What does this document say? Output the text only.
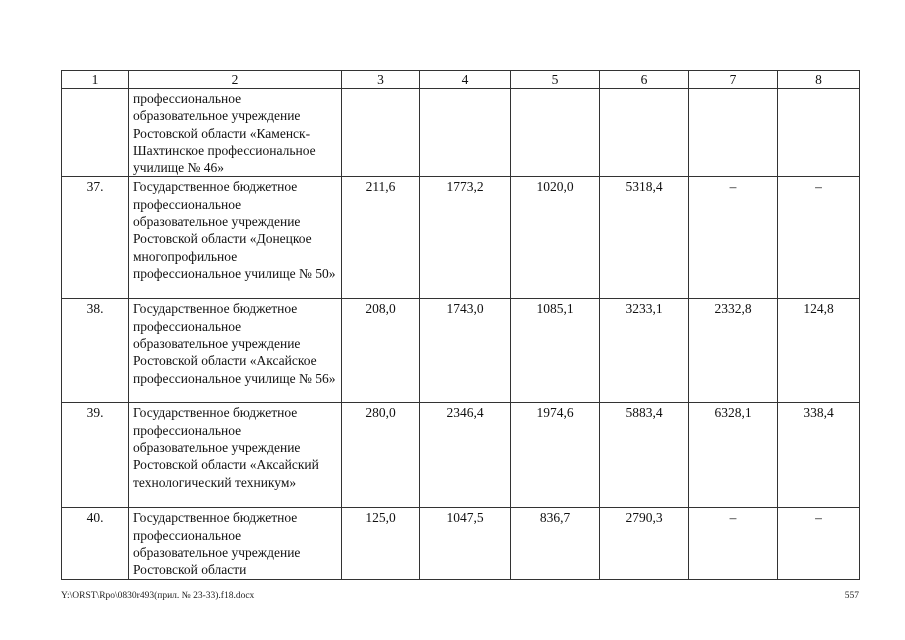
1	2	3	4	5	6	7	8
	профессиональное образовательное учреждение Ростовской области «Каменск-Шахтинское профессиональное училище № 46»						
37.	Государственное бюджетное профессиональное образовательное учреждение Ростовской области «Донецкое многопрофильное профессиональное училище № 50»	211,6	1773,2	1020,0	5318,4	–	–
38.	Государственное бюджетное профессиональное образовательное учреждение Ростовской области «Аксайское профессиональное училище № 56»	208,0	1743,0	1085,1	3233,1	2332,8	124,8
39.	Государственное бюджетное профессиональное образовательное учреждение Ростовской области «Аксайский технологический техникум»	280,0	2346,4	1974,6	5883,4	6328,1	338,4
40.	Государственное бюджетное профессиональное образовательное учреждение Ростовской области	125,0	1047,5	836,7	2790,3	–	–
Y:\ORST\Rpo\0830r493(прил. № 23-33).f18.docx	557
